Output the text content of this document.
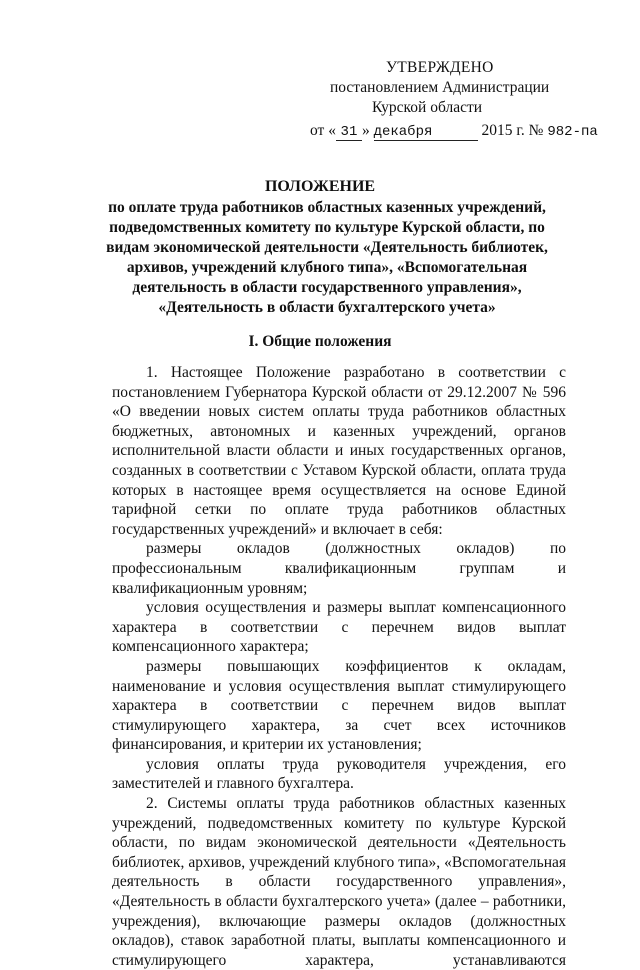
УТВЕРЖДЕНО
постановлением Администрации
Курской области
от « 31 » декабря	2015 г. № 982-па
ПОЛОЖЕНИЕ
по оплате труда работников областных казенных учреждений, подведомственных комитету по культуре Курской области, по видам экономической деятельности «Деятельность библиотек, архивов, учреждений клубного типа», «Вспомогательная деятельность в области государственного управления», «Деятельность в области бухгалтерского учета»
I. Общие положения

1. Настоящее Положение разработано в соответствии с постановлением Губернатора Курской области от 29.12.2007 № 596 «О введении новых систем оплаты труда работников областных бюджетных, автономных и казенных учреждений, органов исполнительной власти области и иных государственных органов, созданных в соответствии с Уставом Курской области, оплата труда которых в настоящее время осуществляется на основе Единой тарифной сетки по оплате труда работников областных государственных учреждений» и включает в себя:

размеры окладов (должностных окладов) по профессиональным квалификационным группам и квалификационным уровням;

условия осуществления и размеры выплат компенсационного характера в соответствии с перечнем видов выплат компенсационного характера;

размеры повышающих коэффициентов к окладам, наименование и условия осуществления выплат стимулирующего характера в соответствии с перечнем видов выплат стимулирующего характера, за счет всех источников финансирования, и критерии их установления;

условия оплаты труда руководителя учреждения, его заместителей и главного бухгалтера.

2. Системы оплаты труда работников областных казенных учреждений, подведомственных комитету по культуре Курской области, по видам экономической деятельности «Деятельность библиотек, архивов, учреждений клубного типа», «Вспомогательная деятельность в области государственного управления», «Деятельность в области бухгалтерского учета» (далее – работники, учреждения), включающие размеры окладов (должностных окладов), ставок заработной платы, выплаты компенсационного и стимулирующего характера, устанавливаются
